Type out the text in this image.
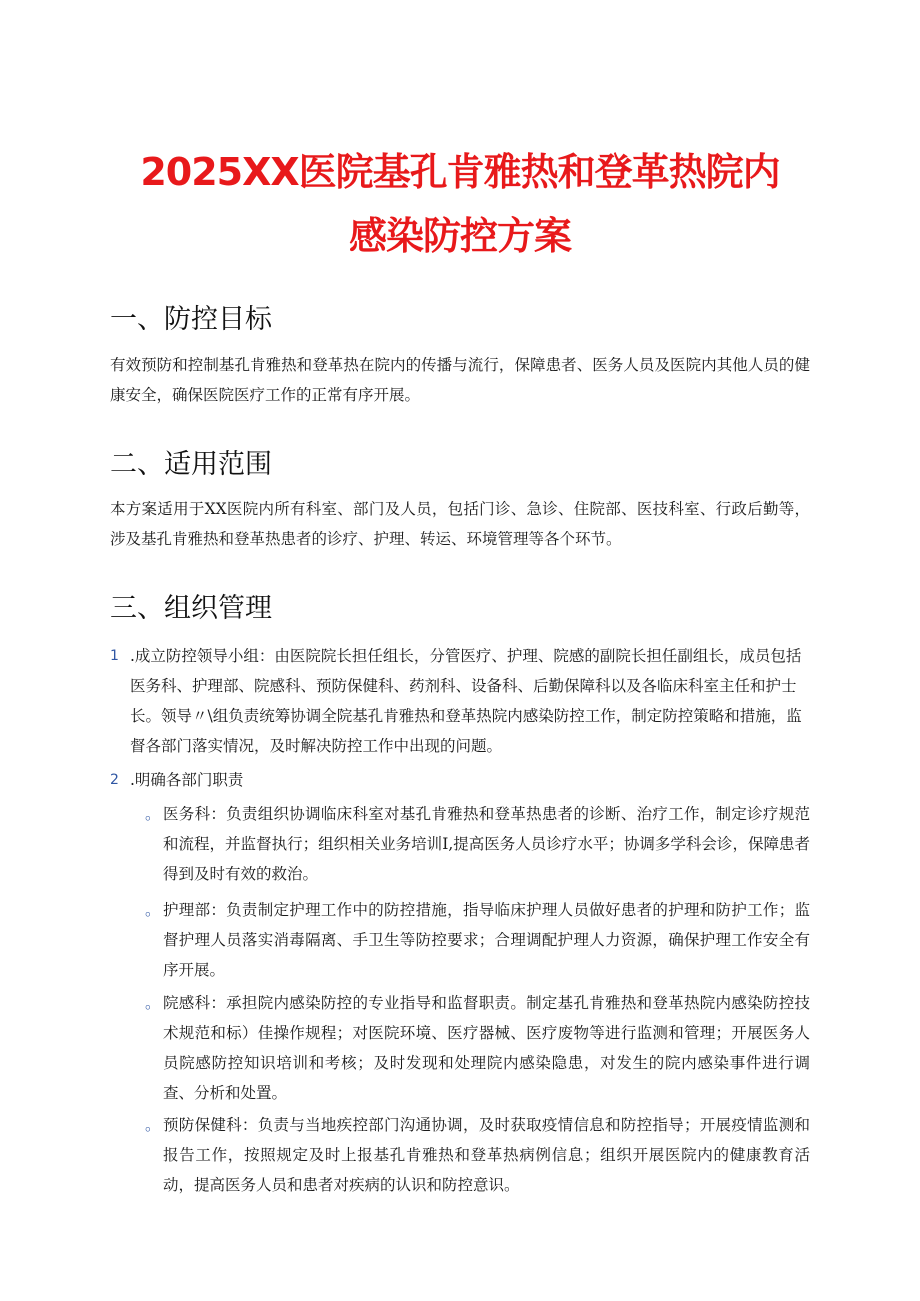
2025XX医院基孔肯雅热和登革热院内
感染防控方案
一、防控目标

有效预防和控制基孔肯雅热和登革热在院内的传播与流行，保障患者、医务人员及医院内其他人员的健康安全，确保医院医疗工作的正常有序开展。

二、适用范围

本方案适用于XX医院内所有科室、部门及人员，包括门诊、急诊、住院部、医技科室、行政后勤等，涉及基孔肯雅热和登革热患者的诊疗、护理、转运、环境管理等各个环节。

三、组织管理
1 .成立防控领导小组：由医院院长担任组长，分管医疗、护理、院感的副院长担任副组长，成员包括医务科、护理部、院感科、预防保健科、药剂科、设备科、后勤保障科以及各临床科室主任和护士长。领导〃\组负责统筹协调全院基孔肯雅热和登革热院内感染防控工作，制定防控策略和措施，监督各部门落实情况，及时解决防控工作中出现的问题。
2 .明确各部门职责
。 医务科：负责组织协调临床科室对基孔肯雅热和登革热患者的诊断、治疗工作，制定诊疗规范和流程，并监督执行；组织相关业务培训I,提高医务人员诊疗水平；协调多学科会诊，保障患者得到及时有效的救治。
。 护理部：负责制定护理工作中的防控措施，指导临床护理人员做好患者的护理和防护工作；监督护理人员落实消毒隔离、手卫生等防控要求；合理调配护理人力资源，确保护理工作安全有序开展。
。 院感科：承担院内感染防控的专业指导和监督职责。制定基孔肯雅热和登革热院内感染防控技术规范和标）佳操作规程；对医院环境、医疗器械、医疗废物等进行监测和管理；开展医务人员院感防控知识培训和考核；及时发现和处理院内感染隐患，对发生的院内感染事件进行调查、分析和处置。
。 预防保健科：负责与当地疾控部门沟通协调，及时获取疫情信息和防控指导；开展疫情监测和报告工作，按照规定及时上报基孔肯雅热和登革热病例信息；组织开展医院内的健康教育活动，提高医务人员和患者对疾病的认识和防控意识。
